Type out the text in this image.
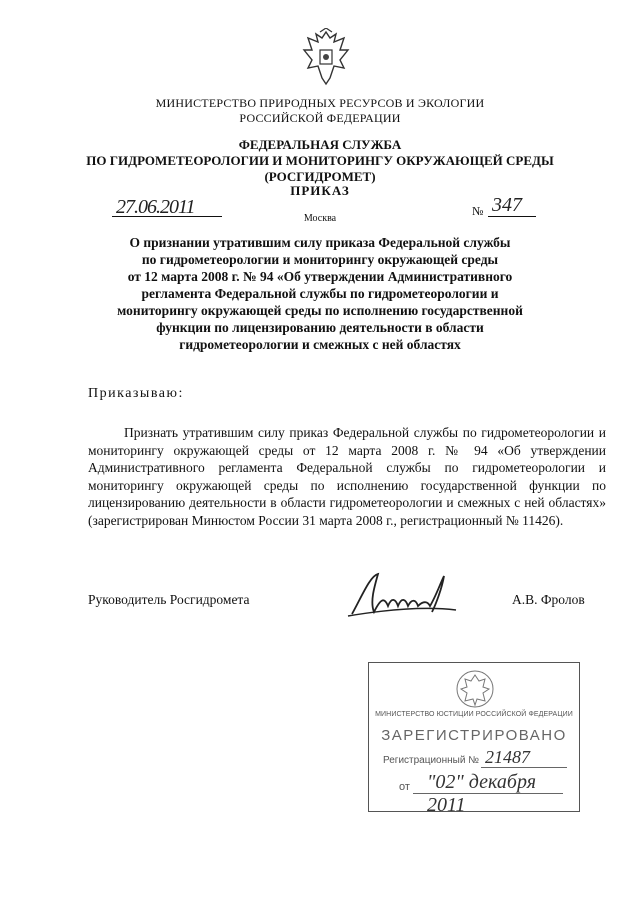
МИНИСТЕРСТВО ПРИРОДНЫХ РЕСУРСОВ И ЭКОЛОГИИ
РОССИЙСКОЙ ФЕДЕРАЦИИ
ФЕДЕРАЛЬНАЯ СЛУЖБА
ПО ГИДРОМЕТЕОРОЛОГИИ И МОНИТОРИНГУ ОКРУЖАЮЩЕЙ СРЕДЫ
(РОСГИДРОМЕТ)
ПРИКАЗ
27.06.2011
Москва
№ 347
О признании утратившим силу приказа Федеральной службы
по гидрометеорологии и мониторингу окружающей среды
от 12 марта 2008 г. № 94 «Об утверждении Административного
регламента Федеральной службы по гидрометеорологии и
мониторингу окружающей среды по исполнению государственной
функции по лицензированию деятельности в области
гидрометеорологии и смежных с ней областях
Приказываю:
Признать утратившим силу приказ Федеральной службы по гидрометеорологии и мониторингу окружающей среды от 12 марта 2008 г. № 94 «Об утверждении Административного регламента Федеральной службы по гидрометеорологии и мониторингу окружающей среды по исполнению государственной функции по лицензированию деятельности в области гидрометеорологии и смежных с ней областях» (зарегистрирован Минюстом России 31 марта 2008 г., регистрационный № 11426).
Руководитель Росгидромета	А.В. Фролов
МИНИСТЕРСТВО ЮСТИЦИИ РОССИЙСКОЙ ФЕДЕРАЦИИ
ЗАРЕГИСТРИРОВАНО
Регистрационный № 21487
от "02" декабря 2011
